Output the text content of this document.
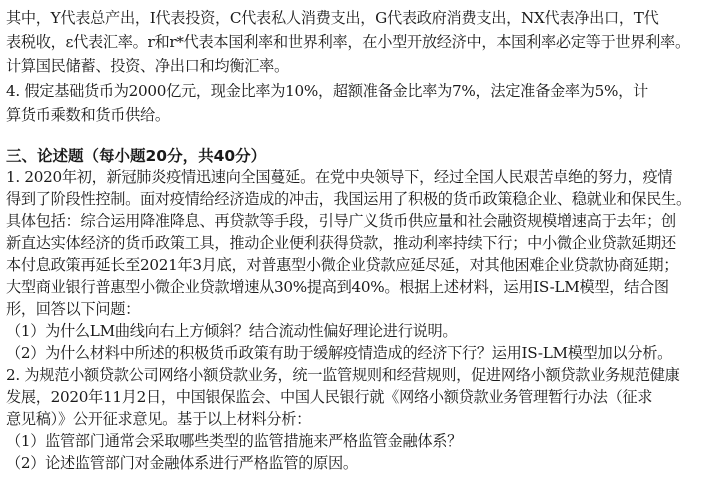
其中，Y代表总产出，I代表投资，C代表私人消费支出，G代表政府消费支出，NX代表净出口，T代
表税收，ε代表汇率。r和r*代表本国利率和世界利率，在小型开放经济中，本国利率必定等于世界利率。
计算国民储蓄、投资、净出口和均衡汇率。
4. 假定基础货币为2000亿元，现金比率为10%，超额准备金比率为7%，法定准备金率为5%，计
算货币乘数和货币供给。
三、论述题（每小题20分，共40分）
1. 2020年初，新冠肺炎疫情迅速向全国蔓延。在党中央领导下，经过全国人民艰苦卓绝的努力，疫情
得到了阶段性控制。面对疫情给经济造成的冲击，我国运用了积极的货币政策稳企业、稳就业和保民生。
具体包括：综合运用降准降息、再贷款等手段，引导广义货币供应量和社会融资规模增速高于去年；创
新直达实体经济的货币政策工具，推动企业便利获得贷款，推动利率持续下行；中小微企业贷款延期还
本付息政策再延长至2021年3月底，对普惠型小微企业贷款应延尽延，对其他困难企业贷款协商延期；
大型商业银行普惠型小微企业贷款增速从30%提高到40%。根据上述材料，运用IS-LM模型，结合图
形，回答以下问题：
（1）为什么LM曲线向右上方倾斜？结合流动性偏好理论进行说明。
（2）为什么材料中所述的积极货币政策有助于缓解疫情造成的经济下行？运用IS-LM模型加以分析。
2. 为规范小额贷款公司网络小额贷款业务，统一监管规则和经营规则，促进网络小额贷款业务规范健康
发展，2020年11月2日，中国银保监会、中国人民银行就《网络小额贷款业务管理暂行办法（征求
意见稿）》公开征求意见。基于以上材料分析：
（1）监管部门通常会采取哪些类型的监管措施来严格监管金融体系？
（2）论述监管部门对金融体系进行严格监管的原因。
